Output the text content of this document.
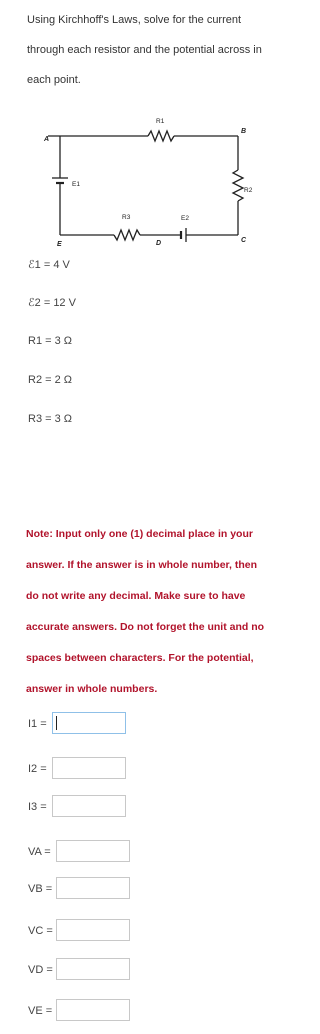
Using Kirchhoff's Laws, solve for the current
through each resistor and the potential across in
each point.
A
B
C
D
E
E1
E2
R1
R2
R3
ℰ1 = 4 V
ℰ2 = 12 V
R1 = 3 Ω
R2 = 2 Ω
R3 = 3 Ω
Note: Input only one (1) decimal place in your
answer. If the answer is in whole number, then
do not write any decimal. Make sure to have
accurate answers. Do not forget the unit and no
spaces between characters. For the potential,
answer in whole numbers.
I1 =
I2 =
I3 =
VA =
VB =
VC =
VD =
VE =
